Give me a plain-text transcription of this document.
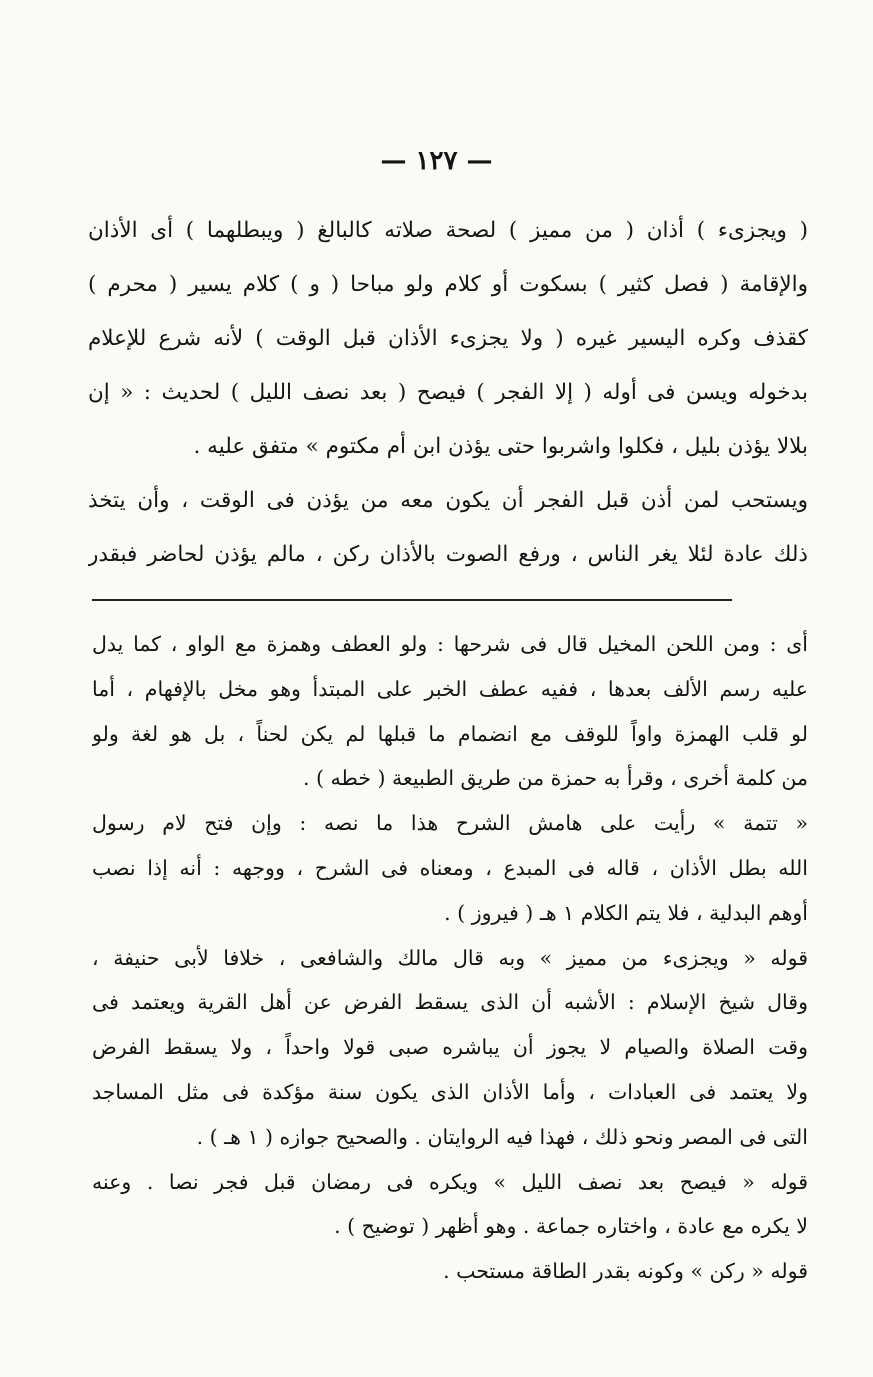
— ١٢٧ —
( ويجزىء ) أذان ( من مميز ) لصحة صلاته كالبالغ ( ويبطلهما ) أى الأذان
والإقامة ( فصل كثير ) بسكوت أو كلام ولو مباحا ( و ) كلام يسير ( محرم )
كقذف وكره اليسير غيره ( ولا يجزىء الأذان قبل الوقت ) لأنه شرع للإعلام
بدخوله ويسن فى أوله ( إلا الفجر ) فيصح ( بعد نصف الليل ) لحديث : « إن
بلالا يؤذن بليل ، فكلوا واشربوا حتى يؤذن ابن أم مكتوم » متفق عليه .
ويستحب لمن أذن قبل الفجر أن يكون معه من يؤذن فى الوقت ، وأن يتخذ
ذلك عادة لئلا يغر الناس ، ورفع الصوت بالأذان ركن ، مالم يؤذن لحاضر فبقدر
أى : ومن اللحن المخيل قال فى شرحها : ولو العطف وهمزة مع الواو ، كما يدل
عليه رسم الألف بعدها ، ففيه عطف الخبر على المبتدأ وهو مخل بالإفهام ، أما
لو قلب الهمزة واواً للوقف مع انضمام ما قبلها لم يكن لحناً ، بل هو لغة ولو
من كلمة أخرى ، وقرأ به حمزة من طريق الطبيعة ( خطه ) .
« تتمة » رأيت على هامش الشرح هذا ما نصه : وإن فتح لام رسول
الله بطل الأذان ، قاله فى المبدع ، ومعناه فى الشرح ، ووجهه : أنه إذا نصب
أوهم البدلية ، فلا يتم الكلام ١ هـ ( فيروز ) .
قوله « ويجزىء من مميز » وبه قال مالك والشافعى ، خلافا لأبى حنيفة ،
وقال شيخ الإسلام : الأشبه أن الذى يسقط الفرض عن أهل القرية ويعتمد فى
وقت الصلاة والصيام لا يجوز أن يباشره صبى قولا واحداً ، ولا يسقط الفرض
ولا يعتمد فى العبادات ، وأما الأذان الذى يكون سنة مؤكدة فى مثل المساجد
التى فى المصر ونحو ذلك ، فهذا فيه الروايتان . والصحيح جوازه ( ١ هـ ) .
قوله « فيصح بعد نصف الليل » ويكره فى رمضان قبل فجر نصا . وعنه
لا يكره مع عادة ، واختاره جماعة . وهو أظهر ( توضيح ) .
قوله « ركن » وكونه بقدر الطاقة مستحب .
